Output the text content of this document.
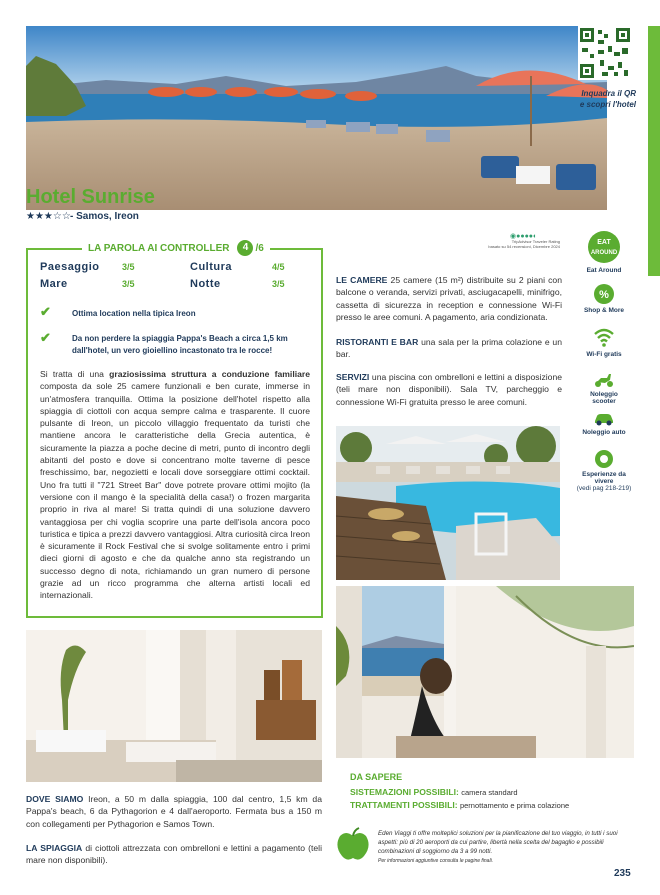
Inquadra il QR
e scopri l'hotel
Hotel Sunrise
★★★☆☆ - Samos, Ireon
LA PAROLA AI CONTROLLER	4 /6
Paesaggio 3/5	Cultura	4/5
Mare	3/5	Notte	3/5
✔	Ottima location nella tipica Ireon
✔	Da non perdere la spiaggia Pappa's Beach a circa 1,5 km dall'hotel, un vero gioiellino incastonato tra le rocce!
Si tratta di una graziosissima struttura a conduzione familiare composta da sole 25 camere funzionali e ben curate, immerse in un'atmosfera tranquilla. Ottima la posizione dell'hotel rispetto alla spiaggia di ciottoli con acqua sempre calma e trasparente. Il cuore pulsante di Ireon, un piccolo villaggio frequentato da turisti che mantiene ancora le caratteristiche della Grecia autentica, è sicuramente la piazza a poche decine di metri, punto di incontro degli abitanti del posto e dove si concentrano molte taverne di pesce freschissimo, bar, negozietti e locali dove sorseggiare ottimi cocktail. Uno fra tutti il "721 Street Bar" dove potrete provare ottimi mojito (la versione con il mango è la specialità della casa!) o frozen margarita proprio in riva al mare! Si tratta quindi di una soluzione davvero vantaggiosa per chi voglia scoprire una parte dell'isola ancora poco turistica e tipica a prezzi davvero vantaggiosi. Altra curiosità circa Ireon è sicuramente il Rock Festival che si svolge solitamente entro i primi dieci giorni di agosto e che da qualche anno sta registrando un successo degno di nota, richiamando un gran numero di persone grazie ad un ricco programma che alterna artisti locali ed internazionali.
◉●●●●◐
TripAdvisor Traveler Rating
basato su 54 recensioni, Dicembre 2024
LE CAMERE 25 camere (15 m²) distribuite su 2 piani con balcone o veranda, servizi privati, asciugacapelli, minifrigo, cassetta di sicurezza in reception e connessione Wi-Fi presso le aree comuni. A pagamento, aria condizionata.
RISTORANTI E BAR una sala per la prima colazione e un bar.
SERVIZI una piscina con ombrelloni e lettini a disposizione (teli mare non disponibili). Sala TV, parcheggio e connessione Wi-Fi gratuita presso le aree comuni.
EAT
AROUND
Eat Around
%
Shop & More
Wi-Fi gratis
Noleggio scooter
Noleggio auto
Esperienze da vivere
(vedi pag 218-219)
DOVE SIAMO Ireon, a 50 m dalla spiaggia, 100 dal centro, 1,5 km da Pappa's beach, 6 da Pythagorion e 4 dall'aeroporto. Fermata bus a 150 m con collegamenti per Pythagorion e Samos Town.
LA SPIAGGIA di ciottoli attrezzata con ombrelloni e lettini a pagamento (teli mare non disponibili).
DA SAPERE
SISTEMAZIONI POSSIBILI: camera standard
TRATTAMENTI POSSIBILI: pernottamento e prima colazione
Eden Viaggi ti offre molteplici soluzioni per la pianificazione del tuo viaggio, in tutti i suoi aspetti: più di 20 aeroporti da cui partire, libertà nella scelta del bagaglio e possibili combinazioni di soggiorno da 3 a 99 notti.
Per informazioni aggiuntive consulta le pagine finali.
235
